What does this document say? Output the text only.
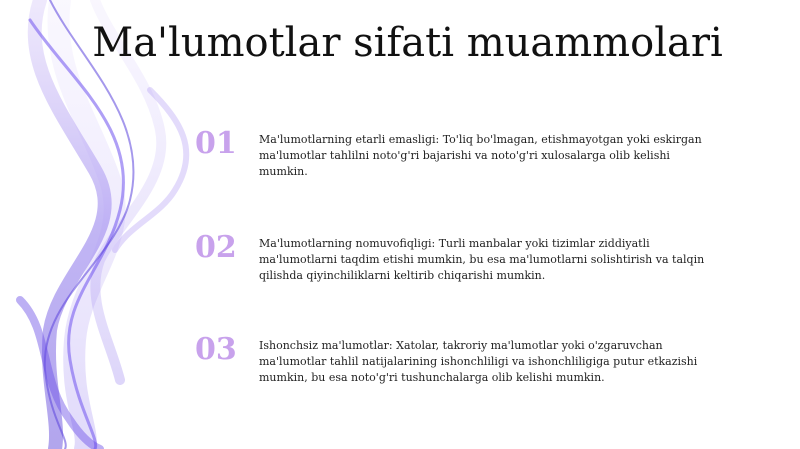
Ma'lumotlar sifati muammolari
01	Ma'lumotlarning etarli emasligi: To'liq bo'lmagan, etishmayotgan yoki eskirgan ma'lumotlar tahlilni noto'g'ri bajarishi va noto'g'ri xulosalarga olib kelishi mumkin.
02	Ma'lumotlarning nomuvofiqligi: Turli manbalar yoki tizimlar ziddiyatli ma'lumotlarni taqdim etishi mumkin, bu esa ma'lumotlarni solishtirish va talqin qilishda qiyinchiliklarni keltirib chiqarishi mumkin.
03	Ishonchsiz ma'lumotlar: Xatolar, takroriy ma'lumotlar yoki o'zgaruvchan ma'lumotlar tahlil natijalarining ishonchliligi va ishonchliligiga putur etkazishi mumkin, bu esa noto'g'ri tushunchalarga olib kelishi mumkin.
